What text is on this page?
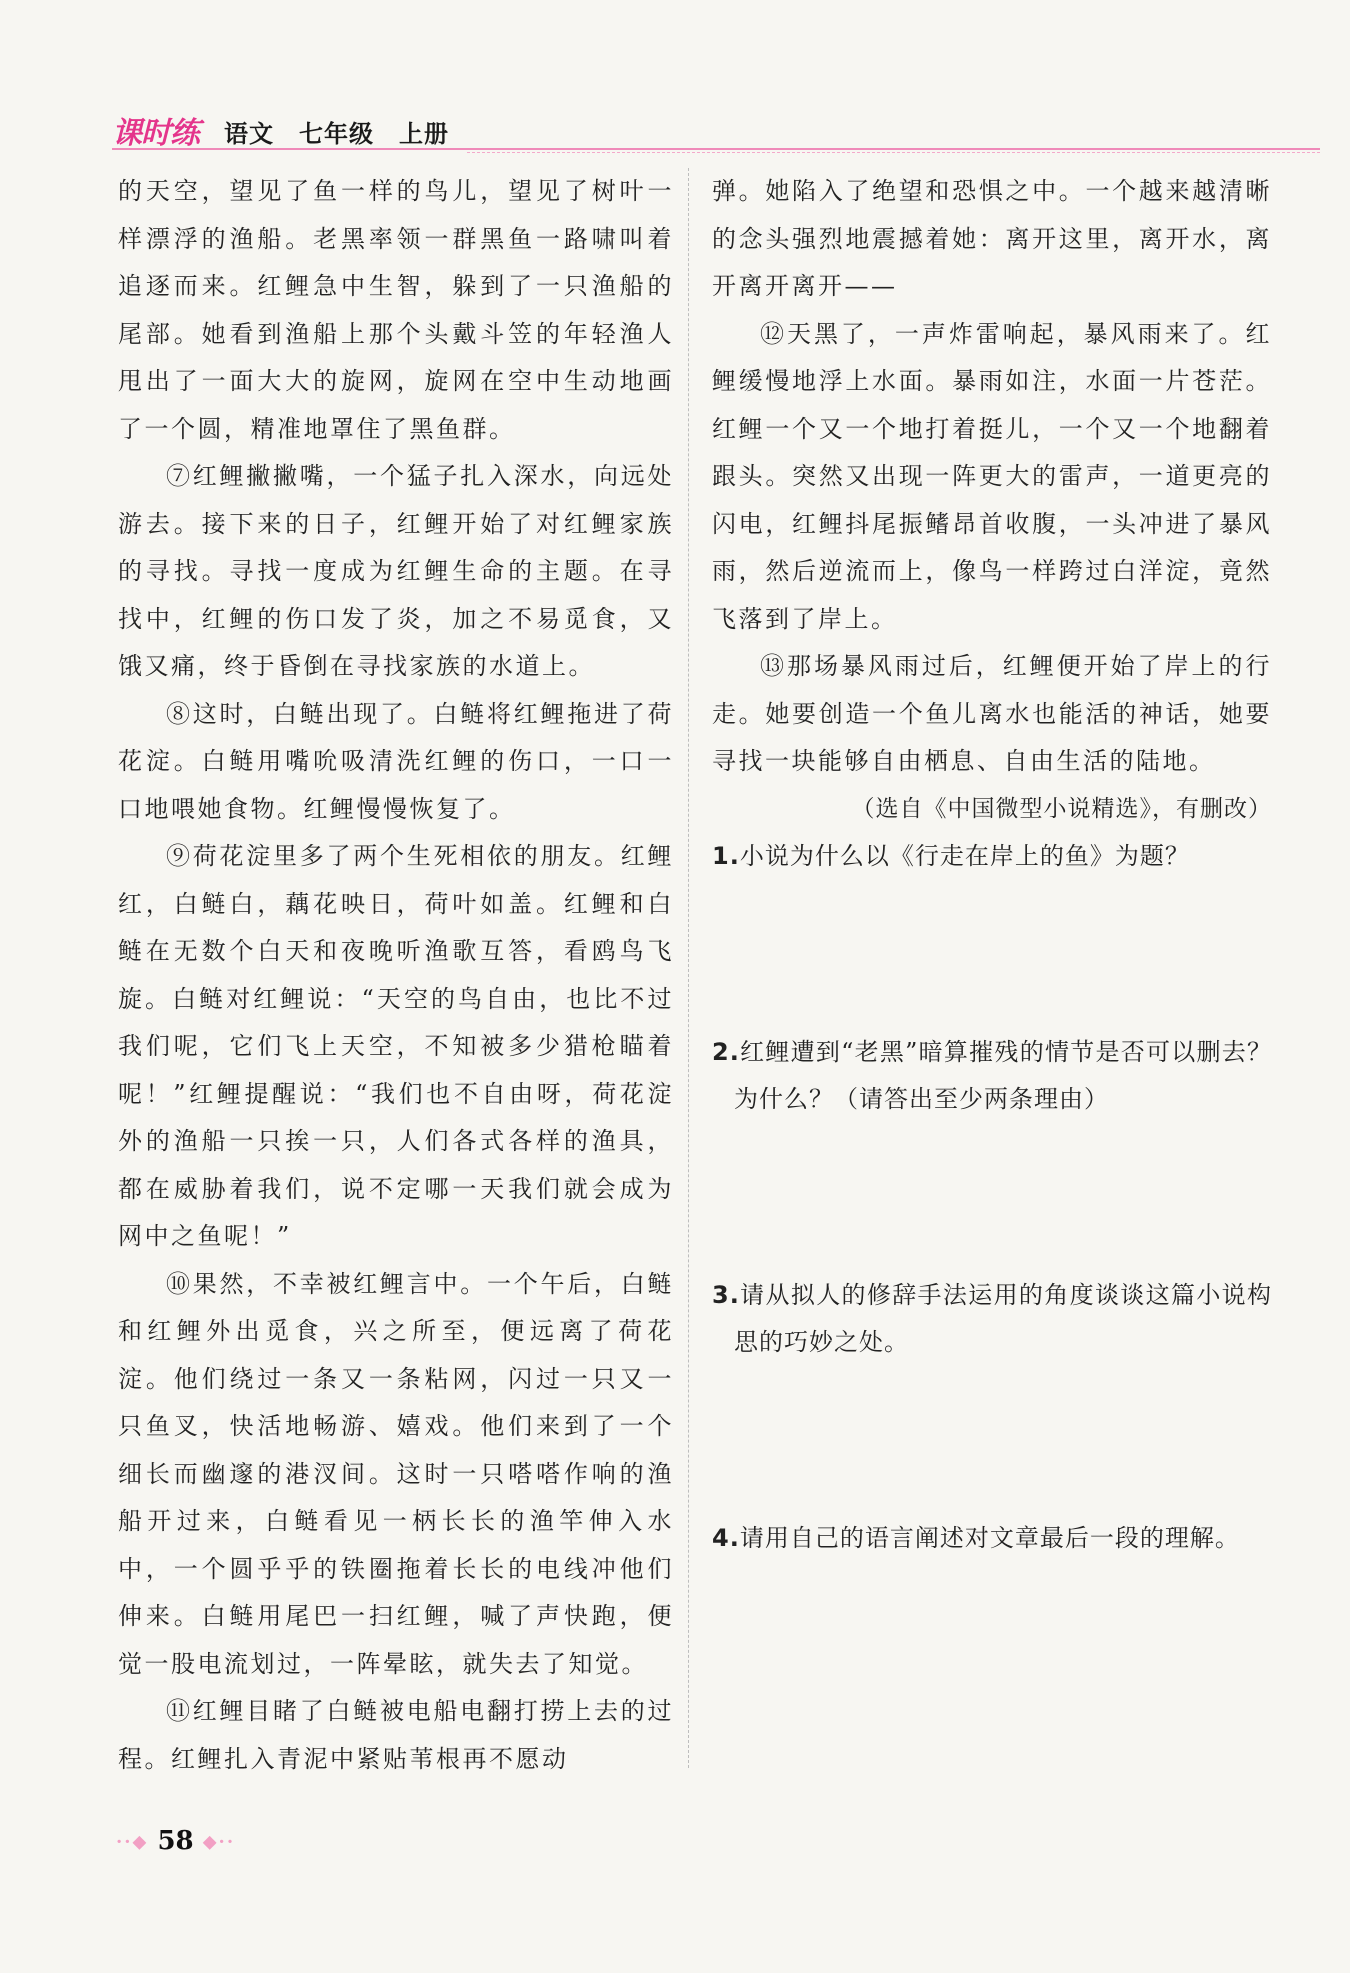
课时练 语文　七年级　上册

的天空，望见了鱼一样的鸟儿，望见了树叶一样漂浮的渔船。老黑率领一群黑鱼一路啸叫着追逐而来。红鲤急中生智，躲到了一只渔船的尾部。她看到渔船上那个头戴斗笠的年轻渔人甩出了一面大大的旋网，旋网在空中生动地画了一个圆，精准地罩住了黑鱼群。

⑦红鲤撇撇嘴，一个猛子扎入深水，向远处游去。接下来的日子，红鲤开始了对红鲤家族的寻找。寻找一度成为红鲤生命的主题。在寻找中，红鲤的伤口发了炎，加之不易觅食，又饿又痛，终于昏倒在寻找家族的水道上。

⑧这时，白鲢出现了。白鲢将红鲤拖进了荷花淀。白鲢用嘴吮吸清洗红鲤的伤口，一口一口地喂她食物。红鲤慢慢恢复了。

⑨荷花淀里多了两个生死相依的朋友。红鲤红，白鲢白，藕花映日，荷叶如盖。红鲤和白鲢在无数个白天和夜晚听渔歌互答，看鸥鸟飞旋。白鲢对红鲤说：“天空的鸟自由，也比不过我们呢，它们飞上天空，不知被多少猎枪瞄着呢！”红鲤提醒说：“我们也不自由呀，荷花淀外的渔船一只挨一只，人们各式各样的渔具，都在威胁着我们，说不定哪一天我们就会成为网中之鱼呢！”

⑩果然，不幸被红鲤言中。一个午后，白鲢和红鲤外出觅食，兴之所至，便远离了荷花淀。他们绕过一条又一条粘网，闪过一只又一只鱼叉，快活地畅游、嬉戏。他们来到了一个细长而幽邃的港汊间。这时一只嗒嗒作响的渔船开过来，白鲢看见一柄长长的渔竿伸入水中，一个圆乎乎的铁圈拖着长长的电线冲他们伸来。白鲢用尾巴一扫红鲤，喊了声快跑，便觉一股电流划过，一阵晕眩，就失去了知觉。

⑪红鲤目睹了白鲢被电船电翻打捞上去的过程。红鲤扎入青泥中紧贴苇根再不愿动

弹。她陷入了绝望和恐惧之中。一个越来越清晰的念头强烈地震撼着她：离开这里，离开水，离开离开离开——

⑫天黑了，一声炸雷响起，暴风雨来了。红鲤缓慢地浮上水面。暴雨如注，水面一片苍茫。红鲤一个又一个地打着挺儿，一个又一个地翻着跟头。突然又出现一阵更大的雷声，一道更亮的闪电，红鲤抖尾振鳍昂首收腹，一头冲进了暴风雨，然后逆流而上，像鸟一样跨过白洋淀，竟然飞落到了岸上。

⑬那场暴风雨过后，红鲤便开始了岸上的行走。她要创造一个鱼儿离水也能活的神话，她要寻找一块能够自由栖息、自由生活的陆地。

（选自《中国微型小说精选》，有删改）

1.小说为什么以《行走在岸上的鱼》为题？

2.红鲤遭到“老黑”暗算摧残的情节是否可以删去？为什么？（请答出至少两条理由）

3.请从拟人的修辞手法运用的角度谈谈这篇小说构思的巧妙之处。

4.请用自己的语言阐述对文章最后一段的理解。

··◆ 58 ◆··
